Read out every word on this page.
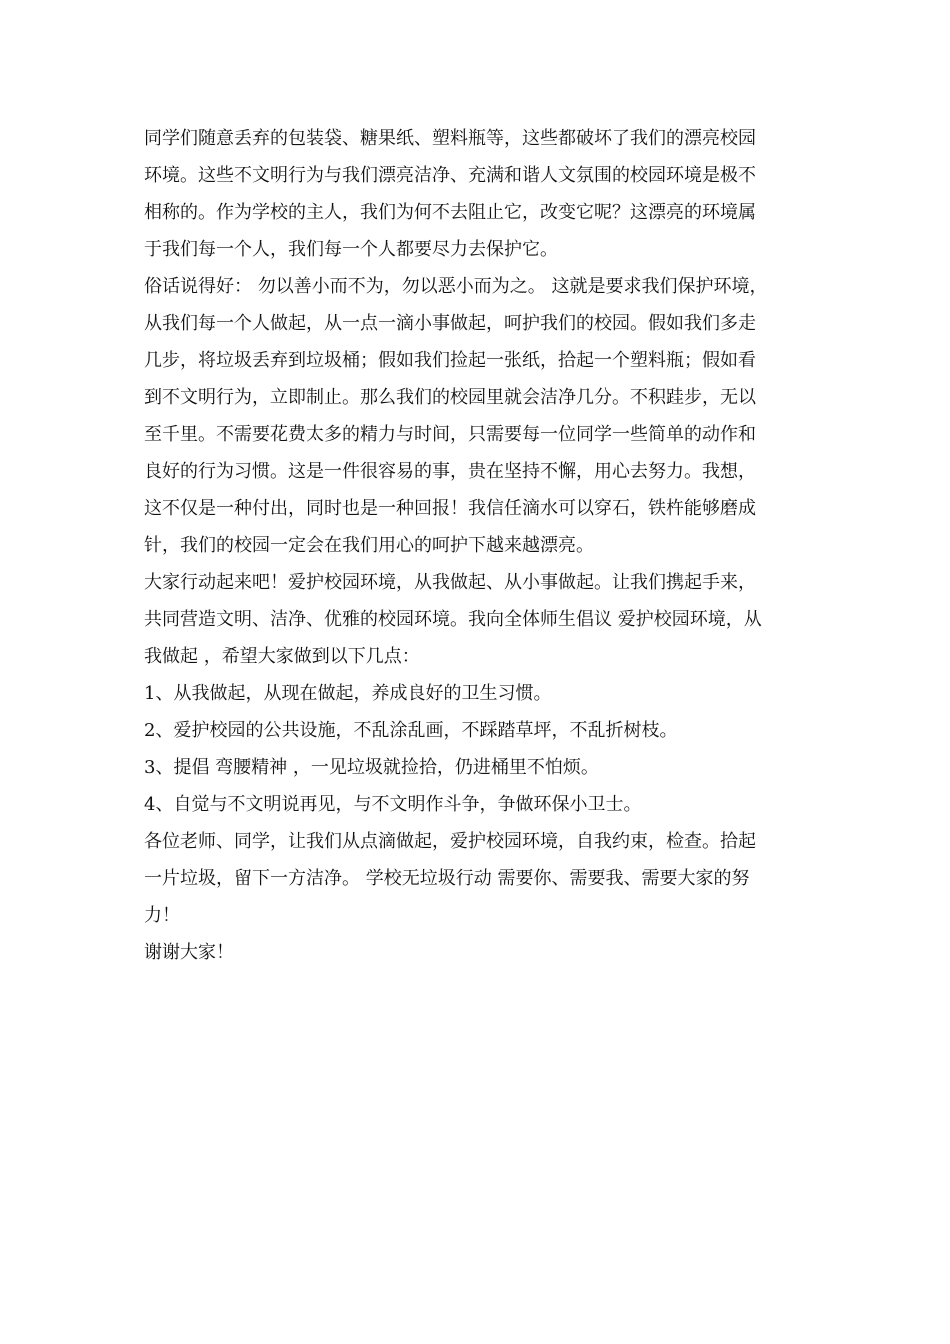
同学们随意丢弃的包装袋、糖果纸、塑料瓶等，这些都破坏了我们的漂亮校园
环境。这些不文明行为与我们漂亮洁净、充满和谐人文氛围的校园环境是极不
相称的。作为学校的主人，我们为何不去阻止它，改变它呢？这漂亮的环境属
于我们每一个人，我们每一个人都要尽力去保护它。
俗话说得好： 勿以善小而不为，勿以恶小而为之。 这就是要求我们保护环境，
从我们每一个人做起，从一点一滴小事做起，呵护我们的校园。假如我们多走
几步，将垃圾丢弃到垃圾桶；假如我们捡起一张纸，拾起一个塑料瓶；假如看
到不文明行为，立即制止。那么我们的校园里就会洁净几分。不积跬步，无以
至千里。不需要花费太多的精力与时间，只需要每一位同学一些简单的动作和
良好的行为习惯。这是一件很容易的事，贵在坚持不懈，用心去努力。我想，
这不仅是一种付出，同时也是一种回报！我信任滴水可以穿石，铁杵能够磨成
针，我们的校园一定会在我们用心的呵护下越来越漂亮。
大家行动起来吧！爱护校园环境，从我做起、从小事做起。让我们携起手来，
共同营造文明、洁净、优雅的校园环境。我向全体师生倡议 爱护校园环境，从
我做起 ，希望大家做到以下几点：
1、从我做起，从现在做起，养成良好的卫生习惯。
2、爱护校园的公共设施，不乱涂乱画，不踩踏草坪，不乱折树枝。
3、提倡 弯腰精神 ，一见垃圾就捡拾，仍进桶里不怕烦。
4、自觉与不文明说再见，与不文明作斗争，争做环保小卫士。
各位老师、同学，让我们从点滴做起，爱护校园环境，自我约束，检查。拾起
一片垃圾，留下一方洁净。 学校无垃圾行动 需要你、需要我、需要大家的努
力！
谢谢大家！
